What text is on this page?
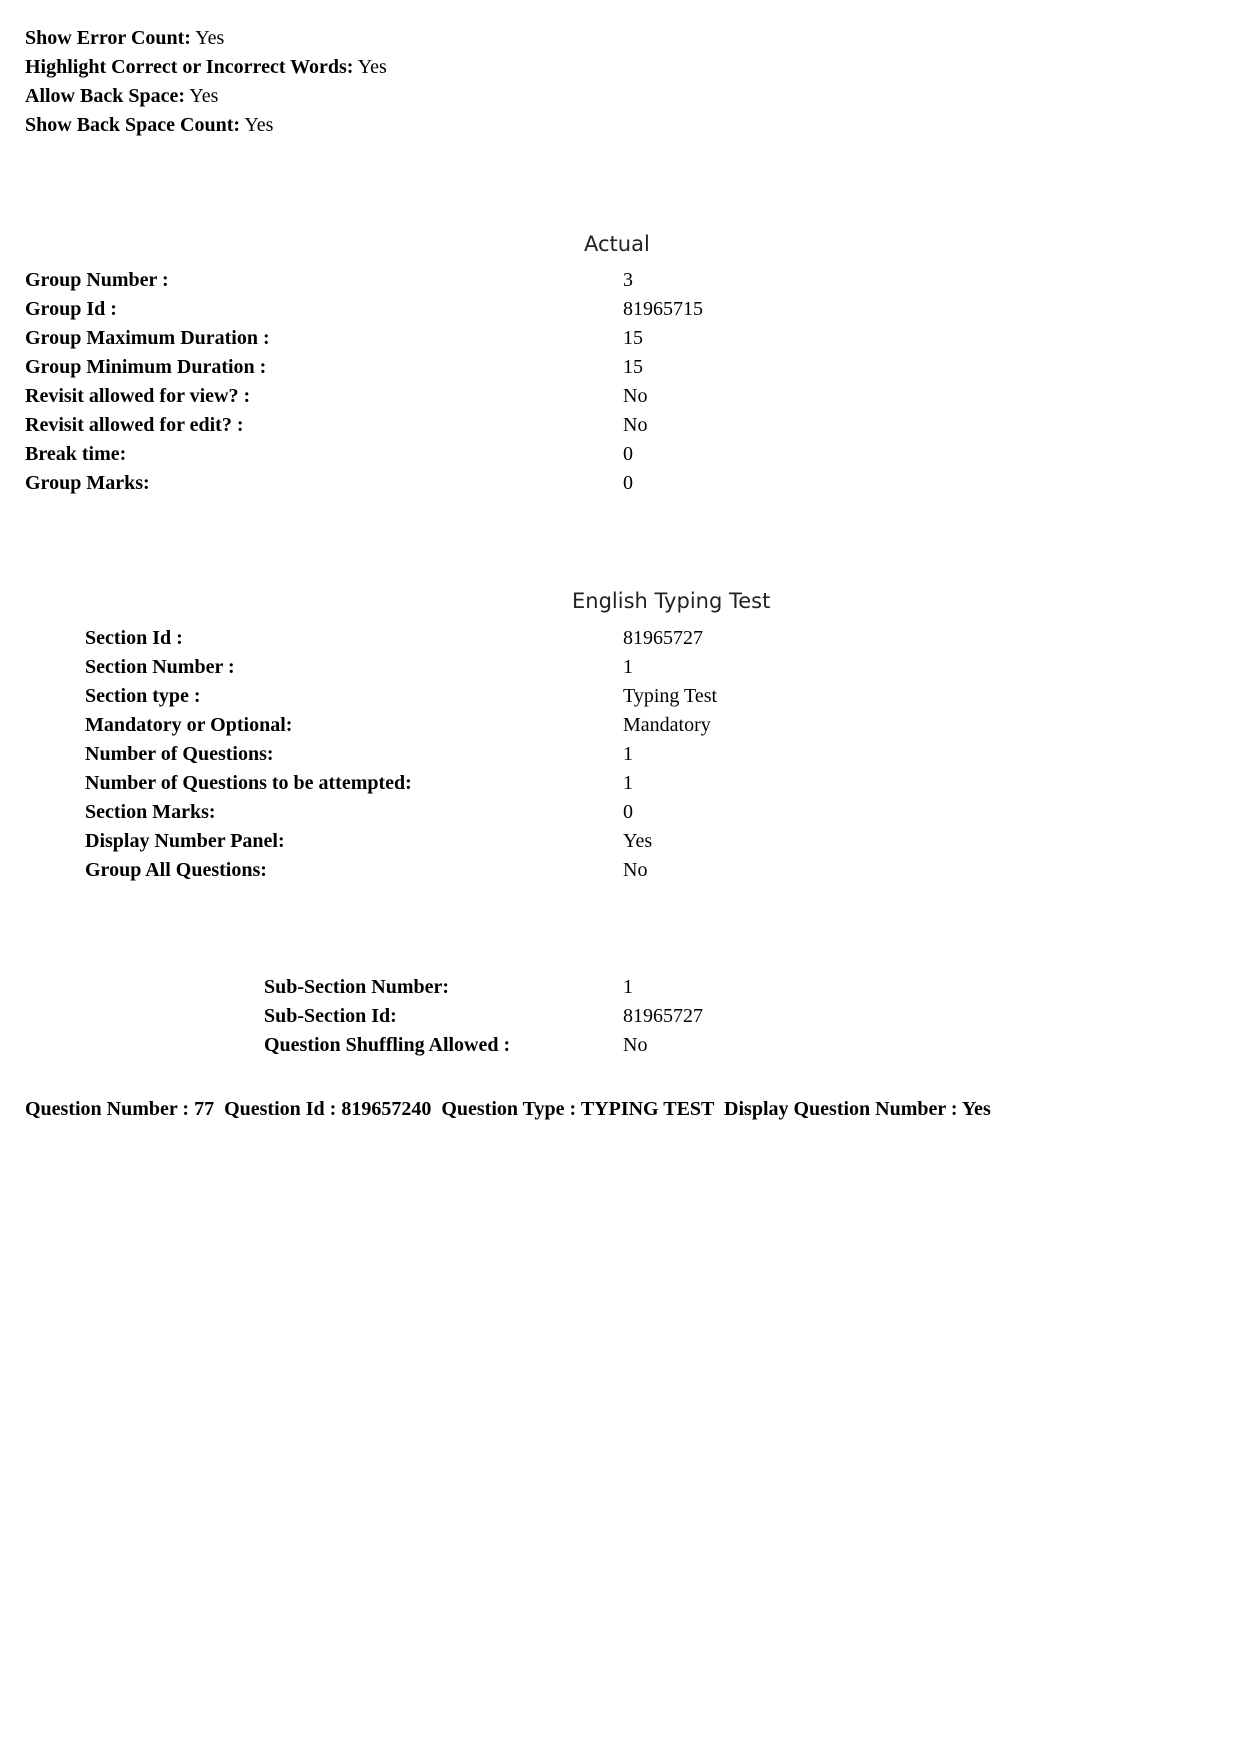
Show Error Count: Yes
Highlight Correct or Incorrect Words: Yes
Allow Back Space: Yes
Show Back Space Count: Yes
Actual
Group Number :	3
Group Id :	81965715
Group Maximum Duration :	15
Group Minimum Duration :	15
Revisit allowed for view? :	No
Revisit allowed for edit? :	No
Break time:	0
Group Marks:	0
English Typing Test
Section Id :	81965727
Section Number :	1
Section type :	Typing Test
Mandatory or Optional:	Mandatory
Number of Questions:	1
Number of Questions to be attempted:	1
Section Marks:	0
Display Number Panel:	Yes
Group All Questions:	No
Sub-Section Number:	1
Sub-Section Id:	81965727
Question Shuffling Allowed :	No
Question Number : 77 Question Id : 819657240 Question Type : TYPING TEST Display Question Number : Yes
